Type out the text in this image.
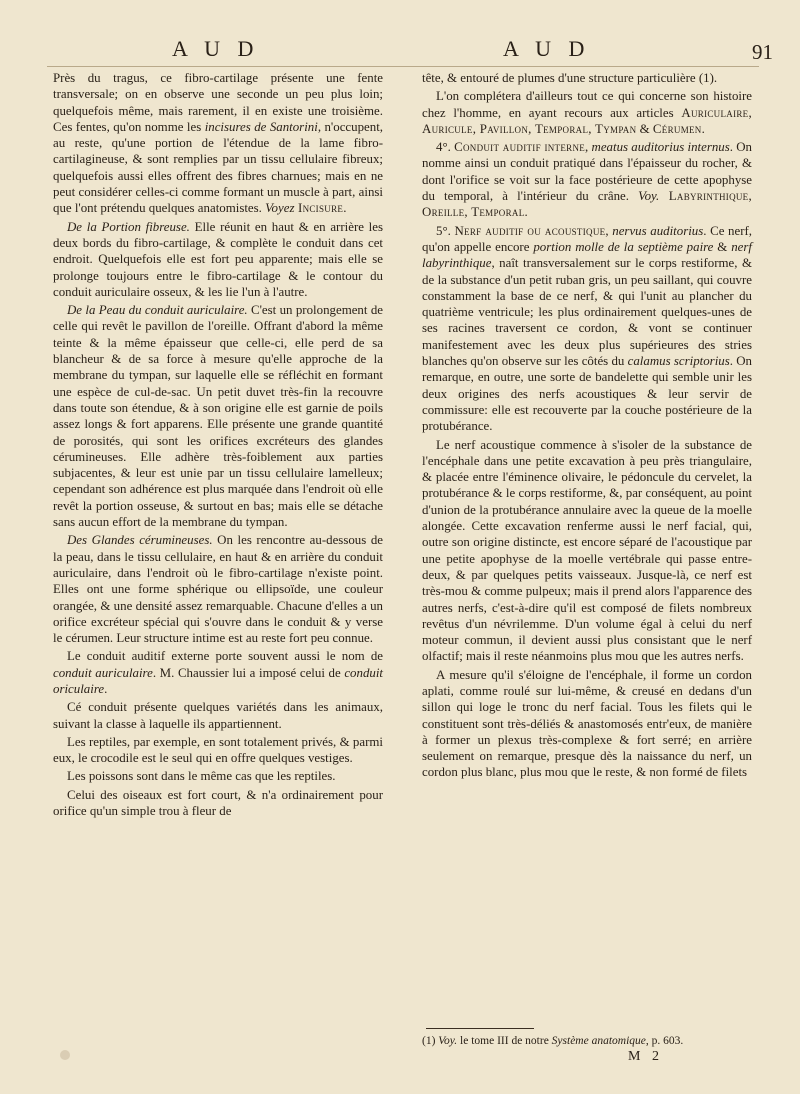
A U D	A U D	91

Près du tragus, ce fibro-cartilage présente une fente transversale; on en observe une seconde un peu plus loin; quelquefois même, mais rarement, il en existe une troisième. Ces fentes, qu'on nomme les incisures de Santorini, n'occupent, au reste, qu'une portion de l'étendue de la lame fibro-cartilagineuse, & sont remplies par un tissu cellulaire fibreux; quelquefois aussi elles offrent des fibres charnues; mais en ne peut considérer celles-ci comme formant un muscle à part, ainsi que l'ont prétendu quelques anatomistes. Voyez Incisure.

De la Portion fibreuse. Elle réunit en haut & en arrière les deux bords du fibro-cartilage, & complète le conduit dans cet endroit. Quelquefois elle est fort peu apparente; mais elle se prolonge toujours entre le fibro-cartilage & le contour du conduit auriculaire osseux, & les lie l'un à l'autre.

De la Peau du conduit auriculaire. C'est un prolongement de celle qui revêt le pavillon de l'oreille. Offrant d'abord la même teinte & la même épaisseur que celle-ci, elle perd de sa blancheur & de sa force à mesure qu'elle approche de la membrane du tympan, sur laquelle elle se réfléchit en formant une espèce de cul-de-sac. Un petit duvet très-fin la recouvre dans toute son étendue, & à son origine elle est garnie de poils assez longs & fort apparens. Elle présente une grande quantité de porosités, qui sont les orifices excréteurs des glandes cérumineuses. Elle adhère très-foiblement aux parties subjacentes, & leur est unie par un tissu cellulaire lamelleux; cependant son adhérence est plus marquée dans l'endroit où elle revêt la portion osseuse, & surtout en bas; mais elle se détache sans aucun effort de la membrane du tympan.

Des Glandes cérumineuses. On les rencontre au-dessous de la peau, dans le tissu cellulaire, en haut & en arrière du conduit auriculaire, dans l'endroit où le fibro-cartilage n'existe point. Elles ont une forme sphérique ou ellipsoïde, une couleur orangée, & une densité assez remarquable. Chacune d'elles a un orifice excréteur spécial qui s'ouvre dans le conduit & y verse le cérumen. Leur structure intime est au reste fort peu connue.

Le conduit auditif externe porte souvent aussi le nom de conduit auriculaire. M. Chaussier lui a imposé celui de conduit oriculaire.

Cé conduit présente quelques variétés dans les animaux, suivant la classe à laquelle ils appartiennent.

Les reptiles, par exemple, en sont totalement privés, & parmi eux, le crocodile est le seul qui en offre quelques vestiges.

Les poissons sont dans le même cas que les reptiles.

Celui des oiseaux est fort court, & n'a ordinairement pour orifice qu'un simple trou à fleur de

tête, & entouré de plumes d'une structure particulière (1).

L'on complétera d'ailleurs tout ce qui concerne son histoire chez l'homme, en ayant recours aux articles Auriculaire, Auricule, Pavillon, Temporal, Tympan & Cérumen.

4°. Conduit auditif interne, meatus auditorius internus. On nomme ainsi un conduit pratiqué dans l'épaisseur du rocher, & dont l'orifice se voit sur la face postérieure de cette apophyse du temporal, à l'intérieur du crâne. Voy. Labyrinthique, Oreille, Temporal.

5°. Nerf auditif ou acoustique, nervus auditorius. Ce nerf, qu'on appelle encore portion molle de la septième paire & nerf labyrinthique, naît transversalement sur le corps restiforme, & de la substance d'un petit ruban gris, un peu saillant, qui couvre constamment la base de ce nerf, & qui l'unit au plancher du quatrième ventricule; les plus ordinairement quelques-unes de ses racines traversent ce cordon, & vont se continuer manifestement avec les deux plus supérieures des stries blanches qu'on observe sur les côtés du calamus scriptorius. On remarque, en outre, une sorte de bandelette qui semble unir les deux origines des nerfs acoustiques & leur servir de commissure: elle est recouverte par la couche postérieure de la protubérance.

Le nerf acoustique commence à s'isoler de la substance de l'encéphale dans une petite excavation à peu près triangulaire, & placée entre l'éminence olivaire, le pédoncule du cervelet, la protubérance & le corps restiforme, &, par conséquent, au point d'union de la protubérance annulaire avec la queue de la moelle alongée. Cette excavation renferme aussi le nerf facial, qui, outre son origine distincte, est encore séparé de l'acoustique par une petite apophyse de la moelle vertébrale qui passe entre-deux, & par quelques petits vaisseaux. Jusque-là, ce nerf est très-mou & comme pulpeux; mais il prend alors l'apparence des autres nerfs, c'est-à-dire qu'il est composé de filets nombreux revêtus d'un névrilemme. D'un volume égal à celui du nerf moteur commun, il devient aussi plus consistant que le nerf olfactif; mais il reste néanmoins plus mou que les autres nerfs.

A mesure qu'il s'éloigne de l'encéphale, il forme un cordon aplati, comme roulé sur lui-même, & creusé en dedans d'un sillon qui loge le tronc du nerf facial. Tous les filets qui le constituent sont très-déliés & anastomosés entr'eux, de manière à former un plexus très-complexe & fort serré; en arrière seulement on remarque, presque dès la naissance du nerf, un cordon plus blanc, plus mou que le reste, & non formé de filets

(1) Voy. le tome III de notre Système anatomique, p. 603.
M 2
